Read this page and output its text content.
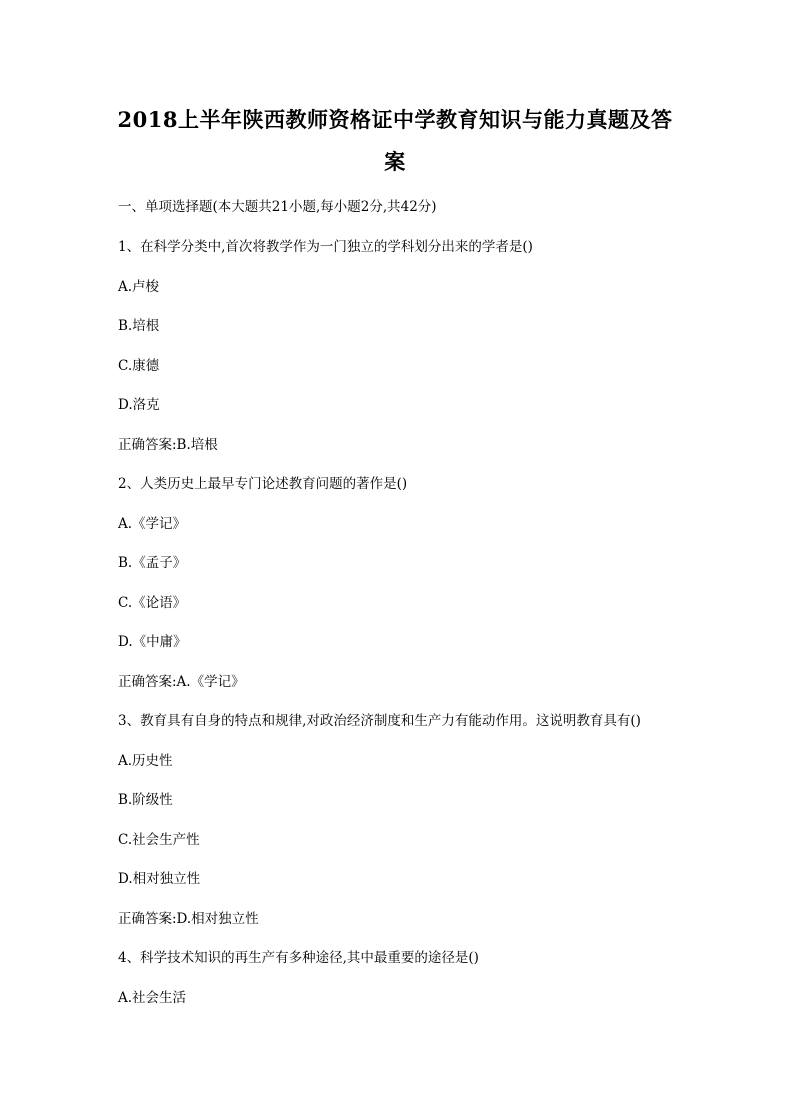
2018上半年陕西教师资格证中学教育知识与能力真题及答
案
一、单项选择题(本大题共21小题,每小题2分,共42分)
1、在科学分类中,首次将教学作为一门独立的学科划分出来的学者是()
A.卢梭
B.培根
C.康德
D.洛克
正确答案:B.培根
2、人类历史上最早专门论述教育问题的著作是()
A.《学记》
B.《孟子》
C.《论语》
D.《中庸》
正确答案:A.《学记》
3、教育具有自身的特点和规律,对政治经济制度和生产力有能动作用。这说明教育具有()
A.历史性
B.阶级性
C.社会生产性
D.相对独立性
正确答案:D.相对独立性
4、科学技术知识的再生产有多种途径,其中最重要的途径是()
A.社会生活
